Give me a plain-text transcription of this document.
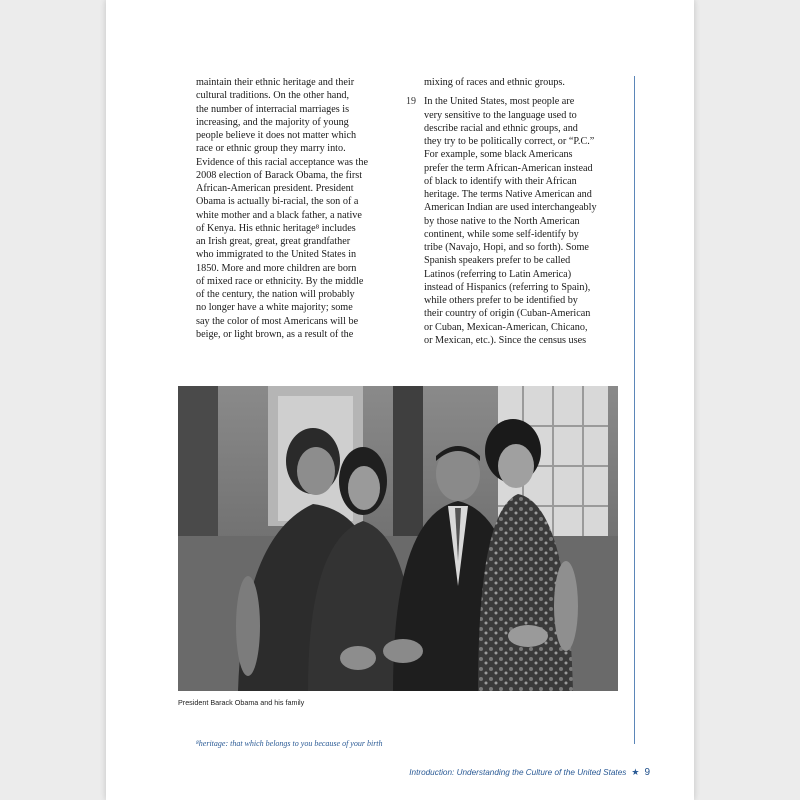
maintain their ethnic heritage and their

cultural traditions. On the other hand,

the number of interracial marriages is

increasing, and the majority of young

people believe it does not matter which

race or ethnic group they marry into.

Evidence of this racial acceptance was the

2008 election of Barack Obama, the first

African-American president. President

Obama is actually bi-racial, the son of a

white mother and a black father, a native

of Kenya. His ethnic heritage⁸ includes

an Irish great, great, great grandfather

who immigrated to the United States in

1850. More and more children are born

of mixed race or ethnicity. By the middle

of the century, the nation will probably

no longer have a white majority; some

say the color of most Americans will be

beige, or light brown, as a result of the

19

mixing of races and ethnic groups.

In the United States, most people are

very sensitive to the language used to

describe racial and ethnic groups, and

they try to be politically correct, or “P.C.”

For example, some black Americans

prefer the term African-American instead

of black to identify with their African

heritage. The terms Native American and

American Indian are used interchangeably

by those native to the North American

continent, while some self-identify by

tribe (Navajo, Hopi, and so forth). Some

Spanish speakers prefer to be called

Latinos (referring to Latin America)

instead of Hispanics (referring to Spain),

while others prefer to be identified by

their country of origin (Cuban-American

or Cuban, Mexican-American, Chicano,

or Mexican, etc.). Since the census uses

President Barack Obama and his family
⁸heritage: that which belongs to you because of your birth
Introduction: Understanding the Culture of the United States ★ 9
